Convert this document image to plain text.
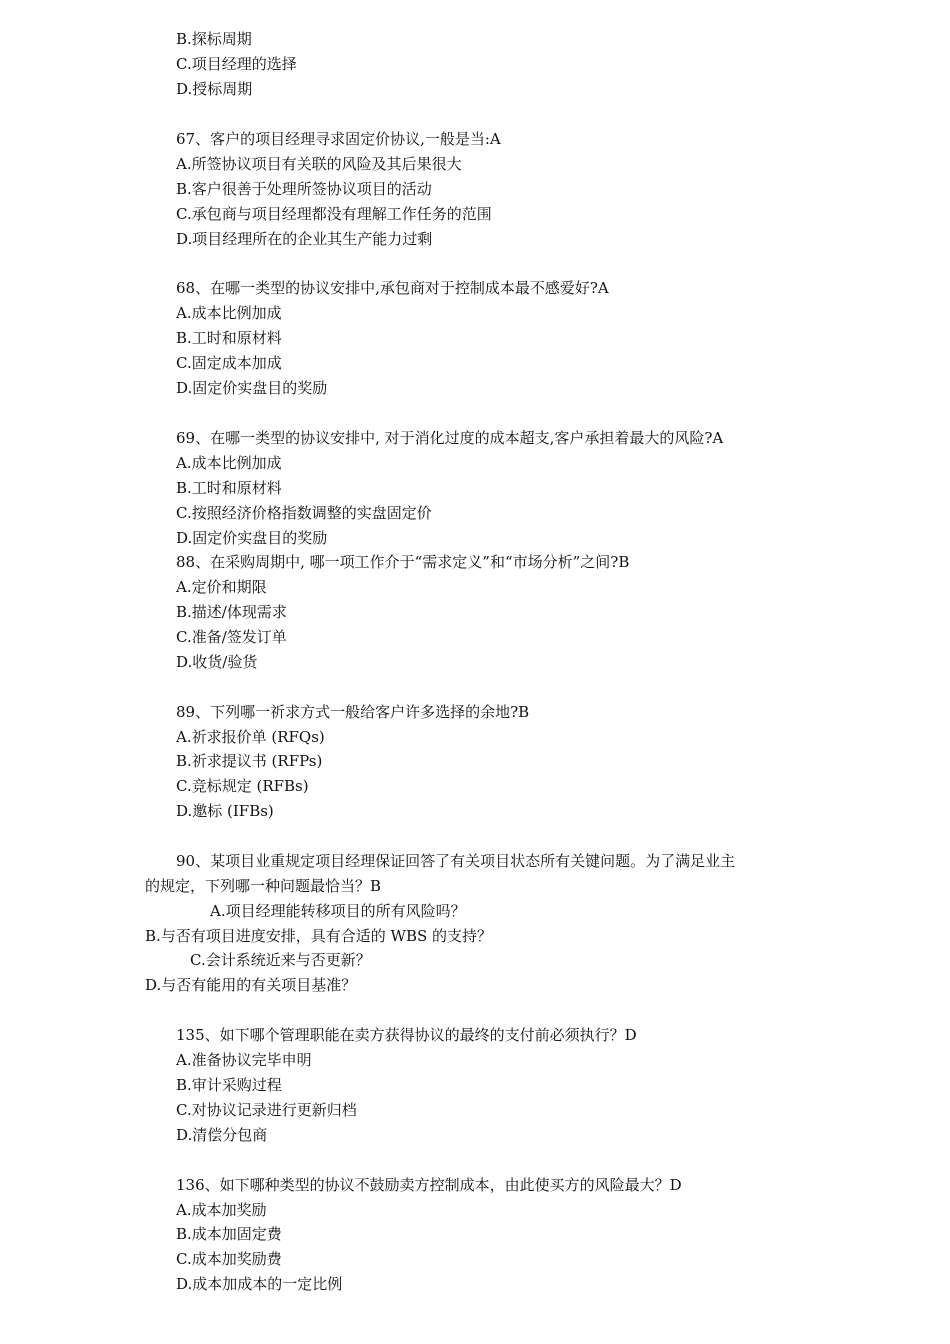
B.探标周期
C.项目经理的选择
D.授标周期
67、客户的项目经理寻求固定价协议,一般是当:A
A.所签协议项目有关联的风险及其后果很大
B.客户很善于处理所签协议项目的活动
C.承包商与项目经理都没有理解工作任务的范围
D.项目经理所在的企业其生产能力过剩
68、在哪一类型的协议安排中,承包商对于控制成本最不感爱好?A
A.成本比例加成
B.工时和原材料
C.固定成本加成
D.固定价实盘目的奖励
69、在哪一类型的协议安排中, 对于消化过度的成本超支,客户承担着最大的风险?A
A.成本比例加成
B.工时和原材料
C.按照经济价格指数调整的实盘固定价
D.固定价实盘目的奖励
88、在采购周期中, 哪一项工作介于“需求定义”和“市场分析”之间?B
A.定价和期限
B.描述/体现需求
C.准备/签发订单
D.收货/验货
89、下列哪一祈求方式一般给客户许多选择的余地?B
A.祈求报价单 (RFQs)
B.祈求提议书 (RFPs)
C.竞标规定 (RFBs)
D.邀标 (IFBs)
90、某项目业重规定项目经理保证回答了有关项目状态所有关键问题。为了满足业主
的规定，下列哪一种问题最恰当？B
A.项目经理能转移项目的所有风险吗？
B.与否有项目进度安排，具有合适的 WBS 的支持？
C.会计系统近来与否更新？
D.与否有能用的有关项目基准？
135、如下哪个管理职能在卖方获得协议的最终的支付前必须执行？D
A.准备协议完毕申明
B.审计采购过程
C.对协议记录进行更新归档
D.清偿分包商
136、如下哪种类型的协议不鼓励卖方控制成本，由此使买方的风险最大？D
A.成本加奖励
B.成本加固定费
C.成本加奖励费
D.成本加成本的一定比例
